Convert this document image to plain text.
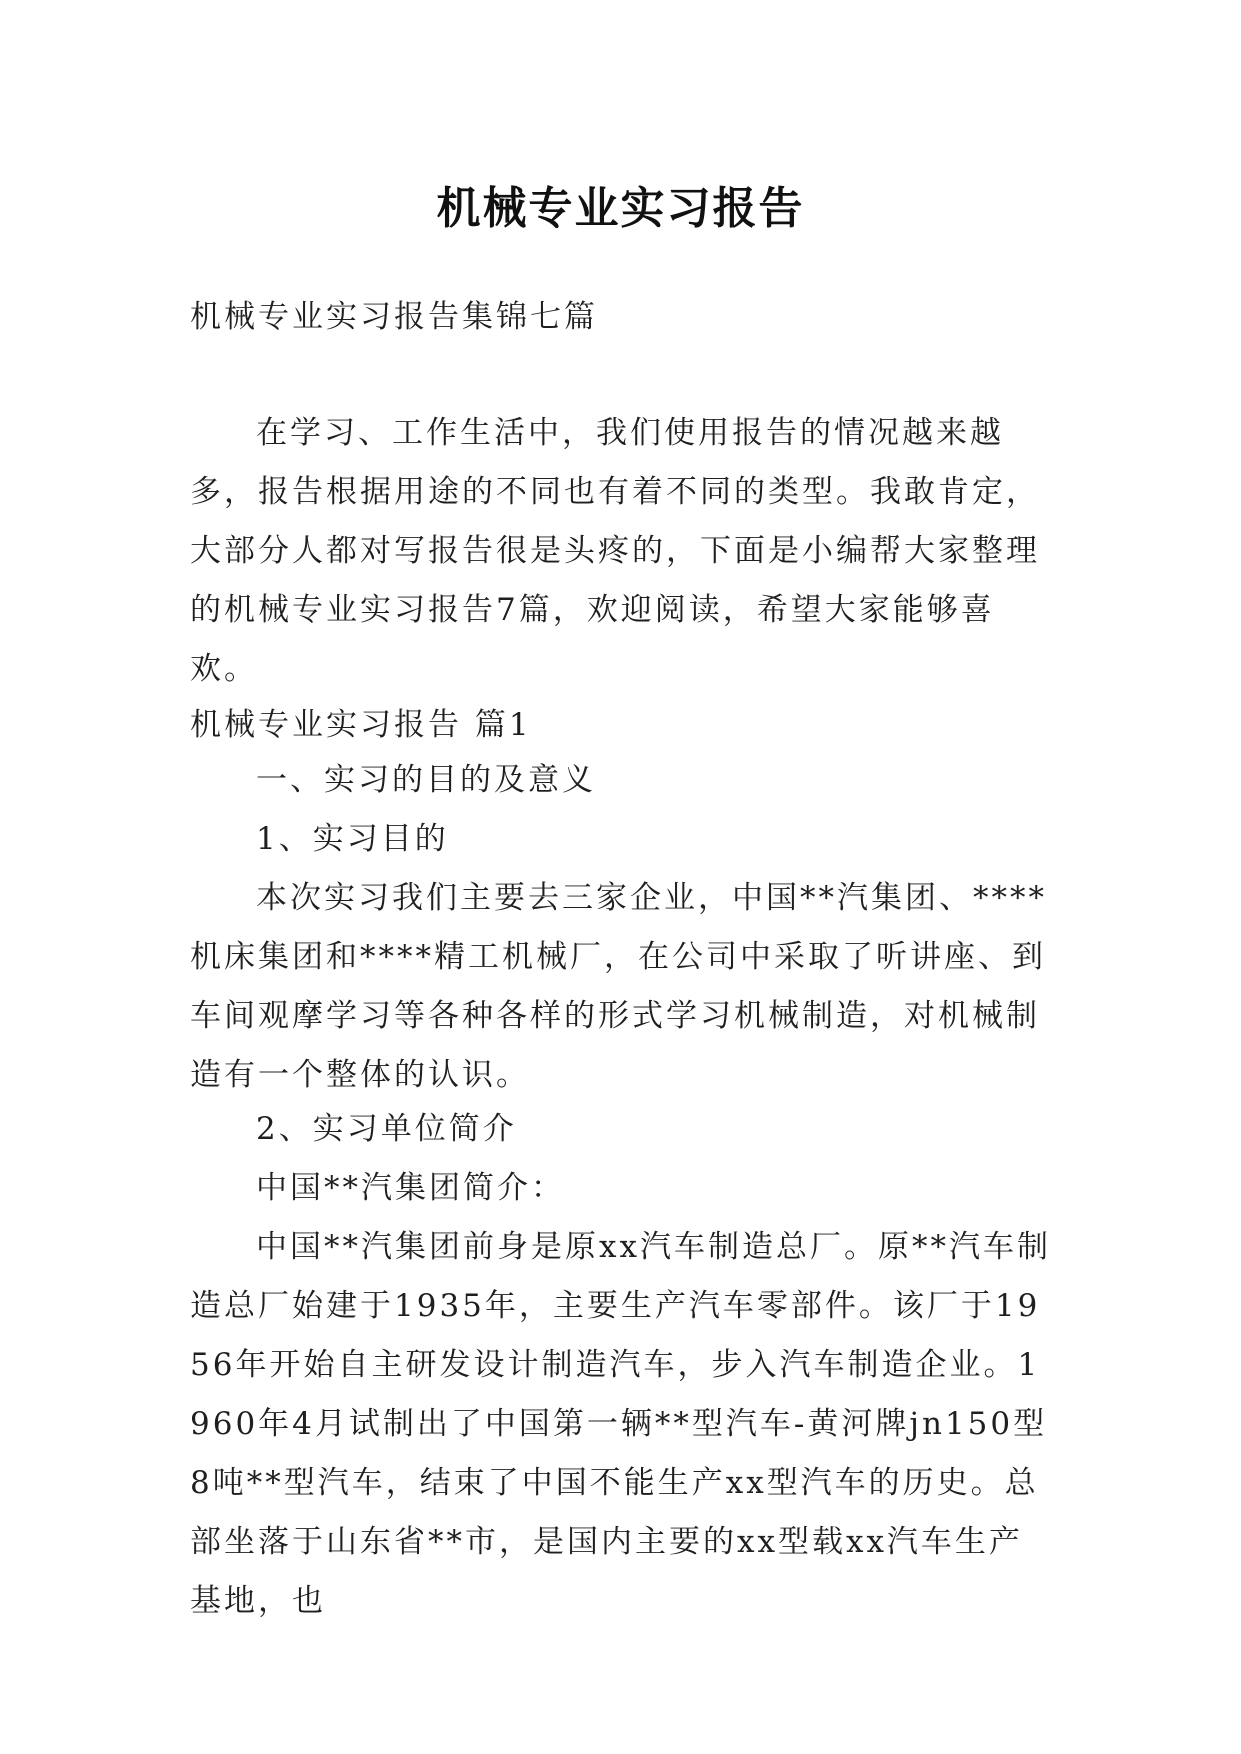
机械专业实习报告

机械专业实习报告集锦七篇

在学习、工作生活中，我们使用报告的情况越来越多，报告根据用途的不同也有着不同的类型。我敢肯定，大部分人都对写报告很是头疼的，下面是小编帮大家整理的机械专业实习报告7篇，欢迎阅读，希望大家能够喜欢。

机械专业实习报告 篇1

一、实习的目的及意义

1、实习目的

本次实习我们主要去三家企业，中国**汽集团、****机床集团和****精工机械厂，在公司中采取了听讲座、到车间观摩学习等各种各样的形式学习机械制造，对机械制造有一个整体的认识。

2、实习单位简介

中国**汽集团简介：

中国**汽集团前身是原xx汽车制造总厂。原**汽车制造总厂始建于1935年，主要生产汽车零部件。该厂于1956年开始自主研发设计制造汽车，步入汽车制造企业。1960年4月试制出了中国第一辆**型汽车-黄河牌jn150型8吨**型汽车，结束了中国不能生产xx型汽车的历史。总部坐落于山东省**市，是国内主要的xx型载xx汽车生产基地，也
